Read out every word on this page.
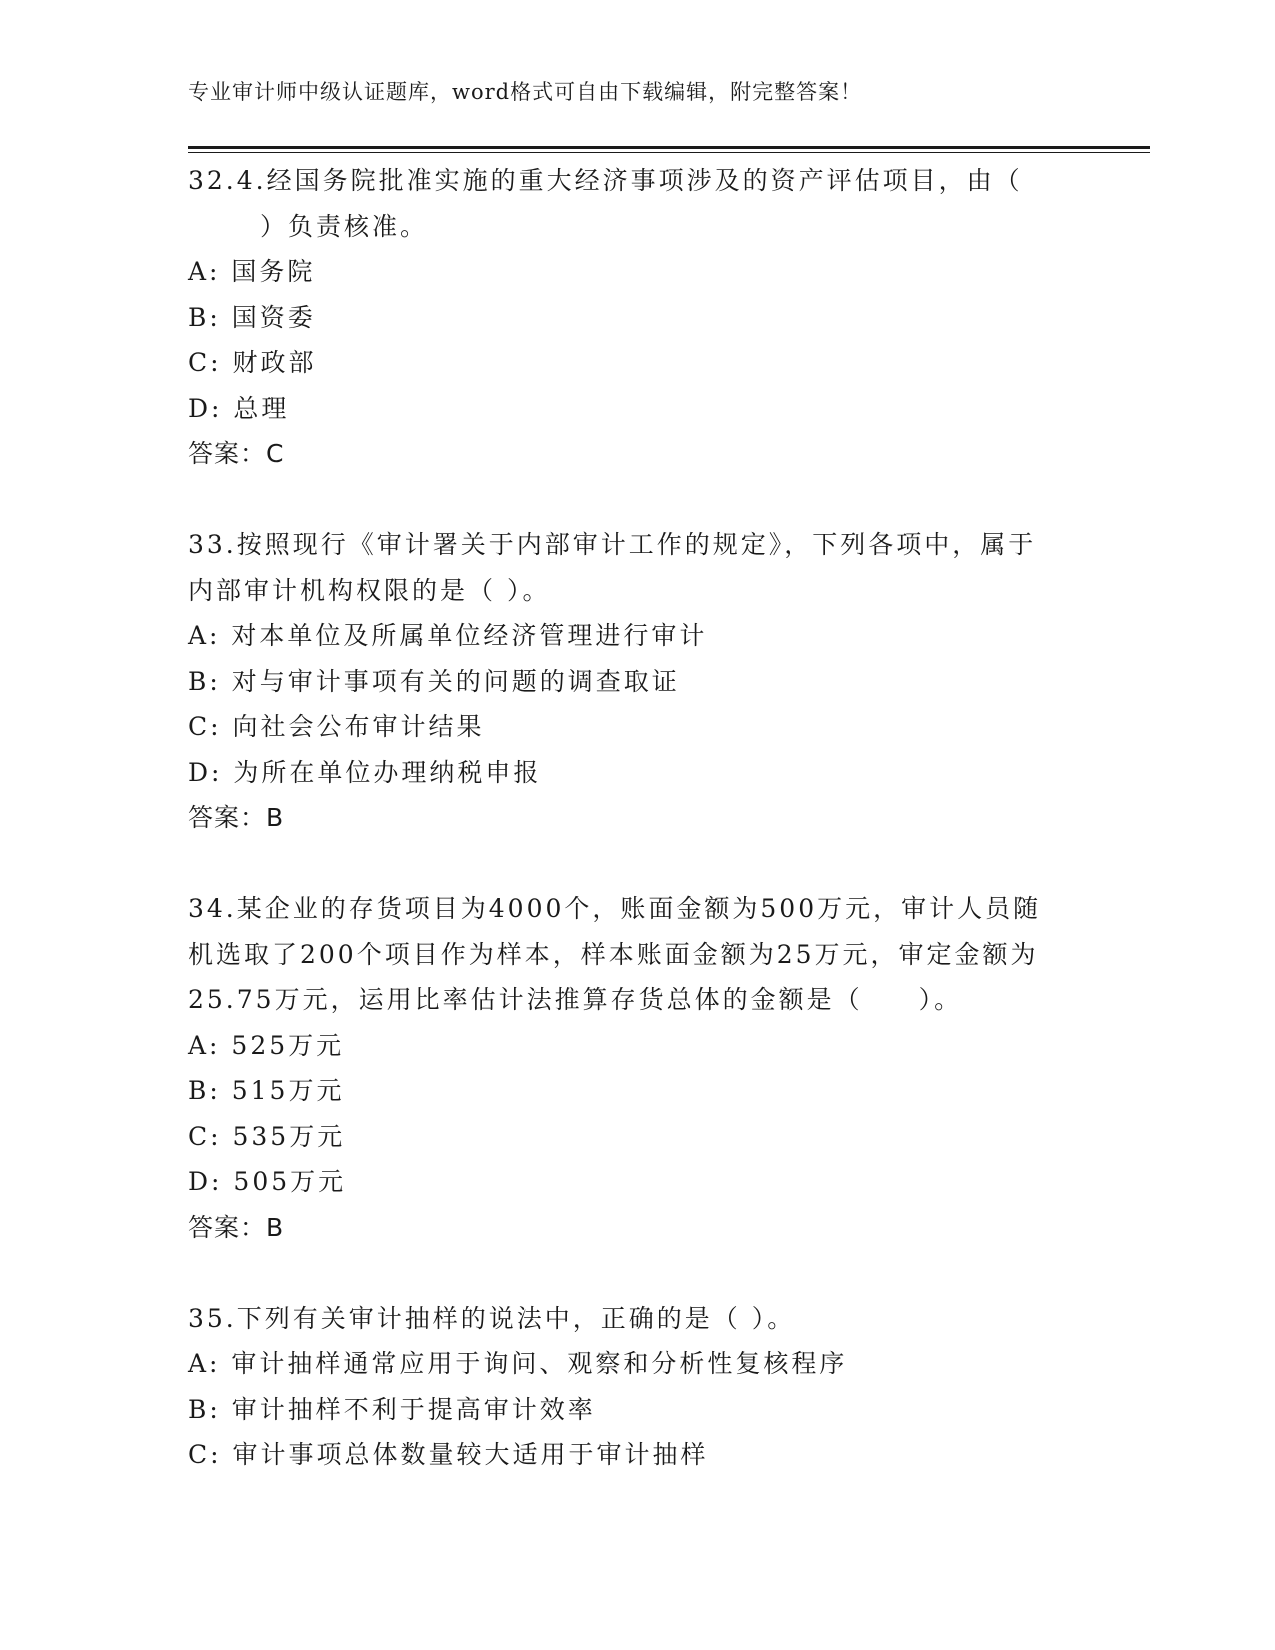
专业审计师中级认证题库，word格式可自由下载编辑，附完整答案！
32.4.经国务院批准实施的重大经济事项涉及的资产评估项目，由（
）负责核准。
A: 国务院
B: 国资委
C: 财政部
D: 总理
答案：C
33.按照现行《审计署关于内部审计工作的规定》，下列各项中，属于
内部审计机构权限的是（ ）。
A: 对本单位及所属单位经济管理进行审计
B: 对与审计事项有关的问题的调查取证
C: 向社会公布审计结果
D: 为所在单位办理纳税申报
答案：B
34.某企业的存货项目为4000个，账面金额为500万元，审计人员随
机选取了200个项目作为样本，样本账面金额为25万元，审定金额为
25.75万元，运用比率估计法推算存货总体的金额是（　　）。
A: 525万元
B: 515万元
C: 535万元
D: 505万元
答案：B
35.下列有关审计抽样的说法中，正确的是（ ）。
A: 审计抽样通常应用于询问、观察和分析性复核程序
B: 审计抽样不利于提高审计效率
C: 审计事项总体数量较大适用于审计抽样
